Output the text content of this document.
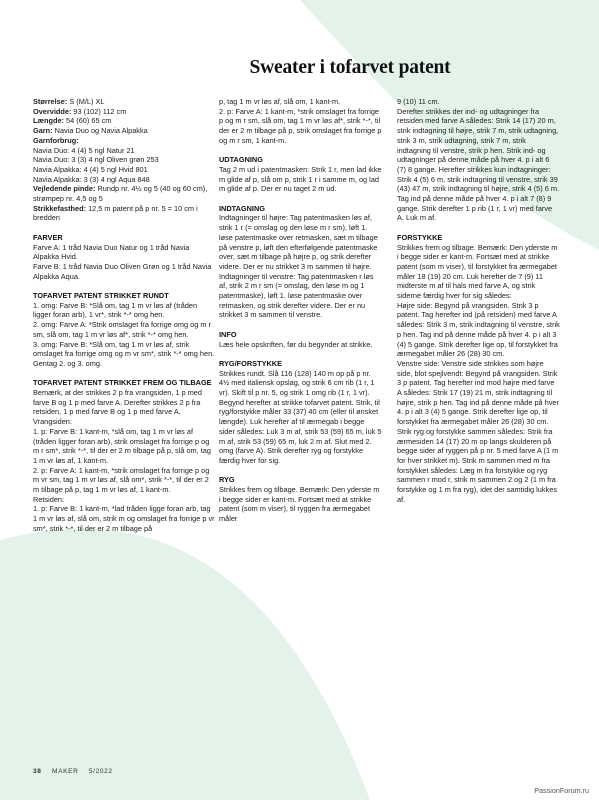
Sweater i tofarvet patent

Størrelse: S (M/L) XL

Overvidde: 93 (102) 112 cm

Længde: 54 (60) 65 cm

Garn: Navia Duo og Navia Alpakka

Garnforbrug:

Navia Duo: 4 (4) 5 ngl Natur 21

Navia Duo: 3 (3) 4 ngl Oliven grøn 253

Navia Alpakka: 4 (4) 5 ngl Hvid 801

Navia Alpakka: 3 (3) 4 ngl Aqua 848

Vejledende pinde: Rundp nr. 4½ og 5 (40 og 60 cm), strømpep nr. 4,5 og 5

Strikkefasthed: 12,5 m patent på p nr. 5 = 10 cm i bredden

FARVER

Farve A: 1 tråd Navia Duo Natur og 1 tråd Navia Alpakka Hvid.

Farve B: 1 tråd Navia Duo Oliven Grøn og 1 tråd Navia Alpakka Aqua.

TOFARVET PATENT STRIKKET RUNDT

1. omg: Farve B: *Slå om, tag 1 m vr løs af (tråden ligger foran arb), 1 vr*, strik *-* omg hen.

2. omg: Farve A: *Strik omslaget fra forrige omg og m r sm, slå om, tag 1 m vr løs af*, strik *-* omg hen.

3. omg: Farve B: *Slå om, tag 1 m vr løs af, strik omslaget fra forrige omg og m vr sm*, strik *-* omg hen.

Gentag 2. og 3. omg.

TOFARVET PATENT STRIKKET FREM OG TILBAGE

Bemærk, at der strikkes 2 p fra vrangsiden, 1 p med farve B og 1 p med farve A. Derefter strikkes 2 p fra retsiden, 1 p med farve B og 1 p med farve A.

Vrangsiden:

1. p: Farve B: 1 kant-m, *slå om, tag 1 m vr løs af (tråden ligger foran arb), strik omslaget fra forrige p og m r sm*, strik *-*, til der er 2 m tilbage på p, slå om, tag 1 m vr løs af, 1 kant-m.

2. p: Farve A: 1 kant-m, *strik omslaget fra forrige p og m vr sm, tag 1 m vr løs af, slå om*, strik *-*, til der er 2 m tilbage på p, tag 1 m vr løs af, 1 kant-m.

Retsiden:

1. p: Farve B: 1 kant-m, *lad tråden ligge foran arb, tag 1 m vr løs af, slå om, strik m og omslaget fra forrige p vr sm*, strik *-*, til der er 2 m tilbage på

p, tag 1 m vr løs af, slå om, 1 kant-m.

2. p: Farve A: 1 kant-m, *strik omslaget fra forrige p og m r sm, slå om, tag 1 m vr løs af*, strik *-*, til der er 2 m tilbage på p, strik omslaget fra forrige p og m r sm, 1 kant-m.

UDTAGNING

Tag 2 m ud i patentmasken: Strik 1 r, men lad ikke m glide af p, slå om p, strik 1 r i samme m, og lad m glide af p. Der er nu taget 2 m ud.

INDTAGNING

Indtagninger til højre: Tag patentmasken løs af, strik 1 r (= omslag og den løse m r sm), løft 1. løse patentmaske over retmasken, sæt m tilbage på venstre p, løft den efterfølgende patentmaske over, sæt m tilbage på højre p, og strik derefter videre. Der er nu strikket 3 m sammen til højre.

Indtagninger til venstre: Tag patentmasken r løs af, strik 2 m r sm (= omslag, den løse m og 1 patentmaske), løft 1. løse patentmaske over retmasken, og strik derefter videre. Der er nu strikket 3 m sammen til venstre.

INFO

Læs hele opskriften, før du begynder at strikke.

RYG/FORSTYKKE

Strikkes rundt. Slå 116 (128) 140 m op på p nr. 4½ med italiensk opslag, og strik 6 cm rib (1 r, 1 vr). Skift til p nr. 5, og strik 1 omg rib (1 r, 1 vr). Begynd herefter at strikke tofarvet patent. Strik, til ryg/forstykke måler 33 (37) 40 cm (eller til ønsket længde). Luk herefter af til ærmegab i begge sider således: Luk 3 m af, strik 53 (59) 65 m, luk 5 m af, strik 53 (59) 65 m, luk 2 m af. Slut med 2. omg (farve A). Strik derefter ryg og forstykke færdig hver for sig.

RYG

Strikkes frem og tilbage. Bemærk: Den yderste m i begge sider er kant-m. Fortsæt med at strikke patent (som m viser), til ryggen fra ærmegabet måler

9 (10) 11 cm.

Derefter strikkes der ind- og udtagninger fra retsiden med farve A således: Strik 14 (17) 20 m, strik indtagning til højre, strik 7 m, strik udtagning, strik 3 m, strik udtagning, strik 7 m, strik indtagning til venstre, strik p hen. Strik ind- og udtagninger på denne måde på hver 4. p i alt 6 (7) 8 gange. Herefter strikkes kun indtagninger: Strik 4 (5) 6 m, strik indtagning til venstre, strik 39 (43) 47 m, strik indtagning til højre, strik 4 (5) 6 m. Tag ind på denne måde på hver 4. p i alt 7 (8) 9 gange. Strik derefter 1 p rib (1 r, 1 vr) med farve A. Luk m af.

FORSTYKKE

Strikkes frem og tilbage. Bemærk: Den yderste m i begge sider er kant-m. Fortsæt med at strikke patent (som m viser), til forstykket fra ærmegabet måler 18 (19) 20 cm. Luk herefter de 7 (9) 11 midterste m af til hals med farve A, og strik siderne færdig hver for sig således:

Højre side: Begynd på vrangsiden. Strik 3 p patent. Tag herefter ind (på retsiden) med farve A således: Strik 3 m, strik indtagning til venstre, strik p hen. Tag ind på denne måde på hver 4. p i alt 3 (4) 5 gange. Strik derefter lige op, til forstykket fra ærmegabet måler 26 (28) 30 cm.

Venstre side: Venstre side strikkes som højre side, blot spejlvendt: Begynd på vrangsiden. Strik 3 p patent. Tag herefter ind mod højre med farve A således: Strik 17 (19) 21 m, strik indtagning til højre, strik p hen. Tag ind på denne måde på hver 4. p i alt 3 (4) 5 gange. Strik derefter lige op, til forstykket fra ærmegabet måler 26 (28) 30 cm.

Strik ryg og forstykke sammen således: Strik fra ærmesiden 14 (17) 20 m op langs skulderen på begge sider af ryggen på p nr. 5 med farve A (1 m for hver strikket m). Strik m sammen med m fra forstykket således: Læg m fra forstykke og ryg sammen r mod r, strik m sammen 2 og 2 (1 m fra forstykke og 1 m fra ryg), idet der samtidig lukkes af.

38 MAKER 5/2022
PassionForum.ru
